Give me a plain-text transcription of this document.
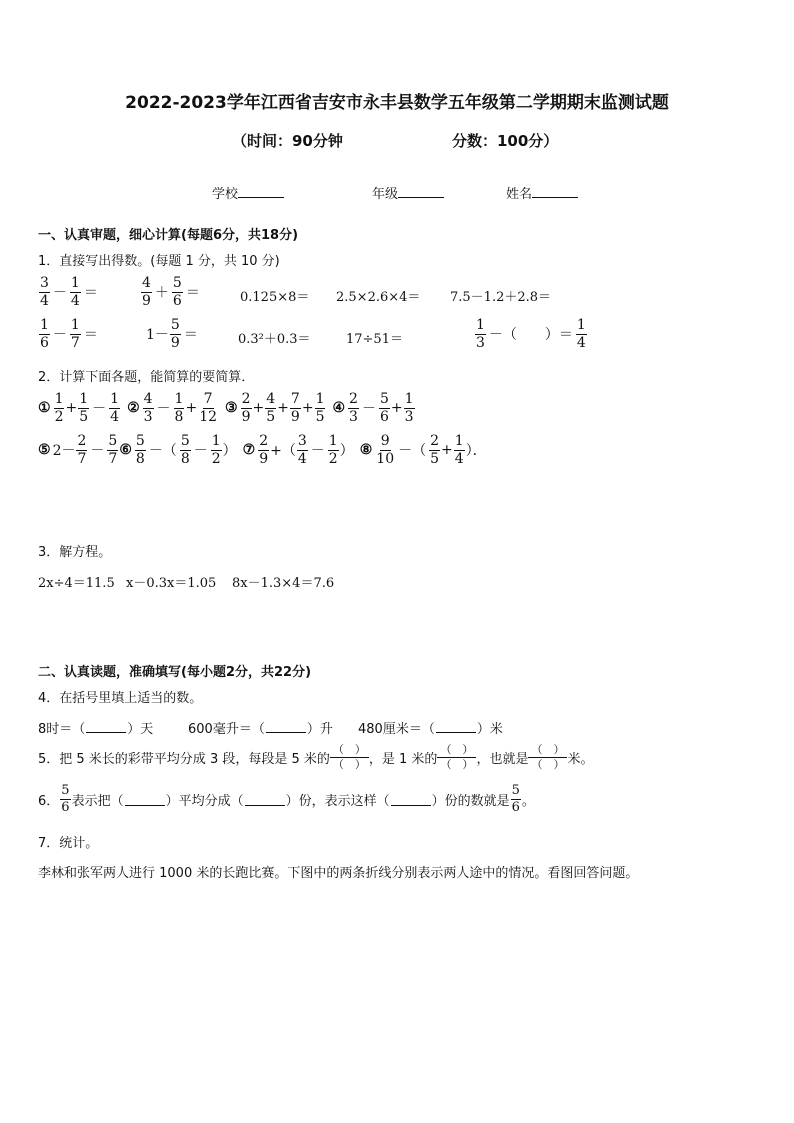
2022-2023学年江西省吉安市永丰县数学五年级第二学期期末监测试题
（时间：90分钟	分数：100分）
学校	年级	姓名
一、认真审题，细心计算(每题6分，共18分)
1．直接写出得数。(每题 1 分，共 10 分)
$\frac{3}{4} - \frac{1}{4}$ ＝	$\frac{4}{9} + \frac{5}{6}$ ＝	0.125×8＝ 2.5×2.6×4＝ 7.5－1.2＋2.8＝
$\frac{1}{6} - \frac{1}{7}$ ＝	$1- \frac{5}{9}$ ＝	0.3²＋0.3＝	17÷51＝	$\frac{1}{3}$ －（　　）＝ $\frac{1}{4}$
2．计算下面各题，能简算的要简算．
① $\frac{1}{2} + \frac{1}{5} - \frac{1}{4}$ ② $\frac{4}{3} - \frac{1}{8} + \frac{7}{12}$ ③ $\frac{2}{9} + \frac{4}{5} + \frac{7}{9} + \frac{1}{5}$ ④ $\frac{2}{3} - \frac{5}{6} + \frac{1}{3}$
⑤ $2- \frac{2}{7} - \frac{5}{7}$ ⑥ $\frac{5}{8}$ －（ $\frac{5}{8} - \frac{1}{2}$ ） ⑦ $\frac{2}{9}$ +（ $\frac{3}{4} - \frac{1}{2}$ ） ⑧ $\frac{9}{10}$ －（ $\frac{2}{5} + \frac{1}{4}$ ）．
3．解方程。
2x÷4＝11.5 x－0.3x＝1.05 8x－1.3×4＝7.6
二、认真读题，准确填写(每小题2分，共22分)
4．在括号里填上适当的数。
8时＝（	）天	600毫升＝（	）升 480厘米＝（	）米
5．把 5 米长的彩带平均分成 3 段，每段是 5 米的
（　）
（　） ，是 1 米的
（　）
（　） ，也就是
（　）
（　） 米。
6． $\frac{5}{6}$ 表示把（	）平均分成（	）份，表示这样（	）份的数就是 $\frac{5}{6}$ 。
7．统计。
李林和张军两人进行 1000 米的长跑比赛。下图中的两条折线分别表示两人途中的情况。看图回答问题。
